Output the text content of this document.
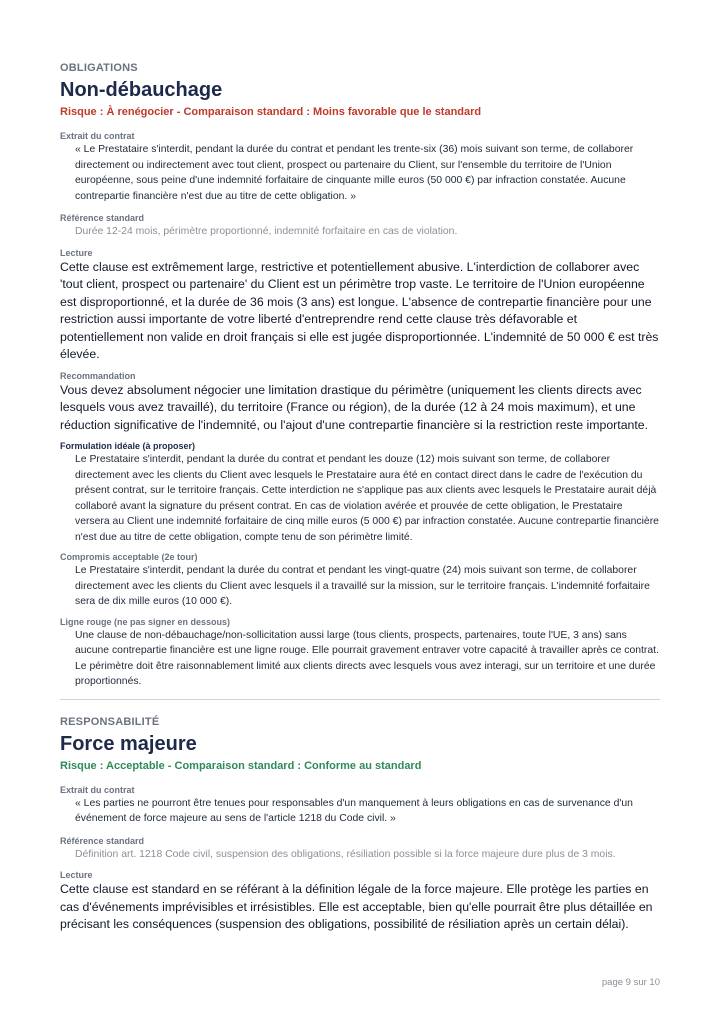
OBLIGATIONS

Non-débauchage

Risque : À renégocier - Comparaison standard : Moins favorable que le standard

Extrait du contrat

« Le Prestataire s'interdit, pendant la durée du contrat et pendant les trente-six (36) mois suivant son terme, de collaborer directement ou indirectement avec tout client, prospect ou partenaire du Client, sur l'ensemble du territoire de l'Union européenne, sous peine d'une indemnité forfaitaire de cinquante mille euros (50 000 €) par infraction constatée. Aucune contrepartie financière n'est due au titre de cette obligation. »

Référence standard

Durée 12-24 mois, périmètre proportionné, indemnité forfaitaire en cas de violation.

Lecture

Cette clause est extrêmement large, restrictive et potentiellement abusive. L'interdiction de collaborer avec 'tout client, prospect ou partenaire' du Client est un périmètre trop vaste. Le territoire de l'Union européenne est disproportionné, et la durée de 36 mois (3 ans) est longue. L'absence de contrepartie financière pour une restriction aussi importante de votre liberté d'entreprendre rend cette clause très défavorable et potentiellement non valide en droit français si elle est jugée disproportionnée. L'indemnité de 50 000 € est très élevée.

Recommandation

Vous devez absolument négocier une limitation drastique du périmètre (uniquement les clients directs avec lesquels vous avez travaillé), du territoire (France ou région), de la durée (12 à 24 mois maximum), et une réduction significative de l'indemnité, ou l'ajout d'une contrepartie financière si la restriction reste importante.

Formulation idéale (à proposer)

Le Prestataire s'interdit, pendant la durée du contrat et pendant les douze (12) mois suivant son terme, de collaborer directement avec les clients du Client avec lesquels le Prestataire aura été en contact direct dans le cadre de l'exécution du présent contrat, sur le territoire français. Cette interdiction ne s'applique pas aux clients avec lesquels le Prestataire aurait déjà collaboré avant la signature du présent contrat. En cas de violation avérée et prouvée de cette obligation, le Prestataire versera au Client une indemnité forfaitaire de cinq mille euros (5 000 €) par infraction constatée. Aucune contrepartie financière n'est due au titre de cette obligation, compte tenu de son périmètre limité.

Compromis acceptable (2e tour)

Le Prestataire s'interdit, pendant la durée du contrat et pendant les vingt-quatre (24) mois suivant son terme, de collaborer directement avec les clients du Client avec lesquels il a travaillé sur la mission, sur le territoire français. L'indemnité forfaitaire sera de dix mille euros (10 000 €).

Ligne rouge (ne pas signer en dessous)

Une clause de non-débauchage/non-sollicitation aussi large (tous clients, prospects, partenaires, toute l'UE, 3 ans) sans aucune contrepartie financière est une ligne rouge. Elle pourrait gravement entraver votre capacité à travailler après ce contrat. Le périmètre doit être raisonnablement limité aux clients directs avec lesquels vous avez interagi, sur un territoire et une durée proportionnés.

RESPONSABILITÉ

Force majeure

Risque : Acceptable - Comparaison standard : Conforme au standard

Extrait du contrat

« Les parties ne pourront être tenues pour responsables d'un manquement à leurs obligations en cas de survenance d'un événement de force majeure au sens de l'article 1218 du Code civil. »

Référence standard

Définition art. 1218 Code civil, suspension des obligations, résiliation possible si la force majeure dure plus de 3 mois.

Lecture

Cette clause est standard en se référant à la définition légale de la force majeure. Elle protège les parties en cas d'événements imprévisibles et irrésistibles. Elle est acceptable, bien qu'elle pourrait être plus détaillée en précisant les conséquences (suspension des obligations, possibilité de résiliation après un certain délai).

page 9 sur 10
